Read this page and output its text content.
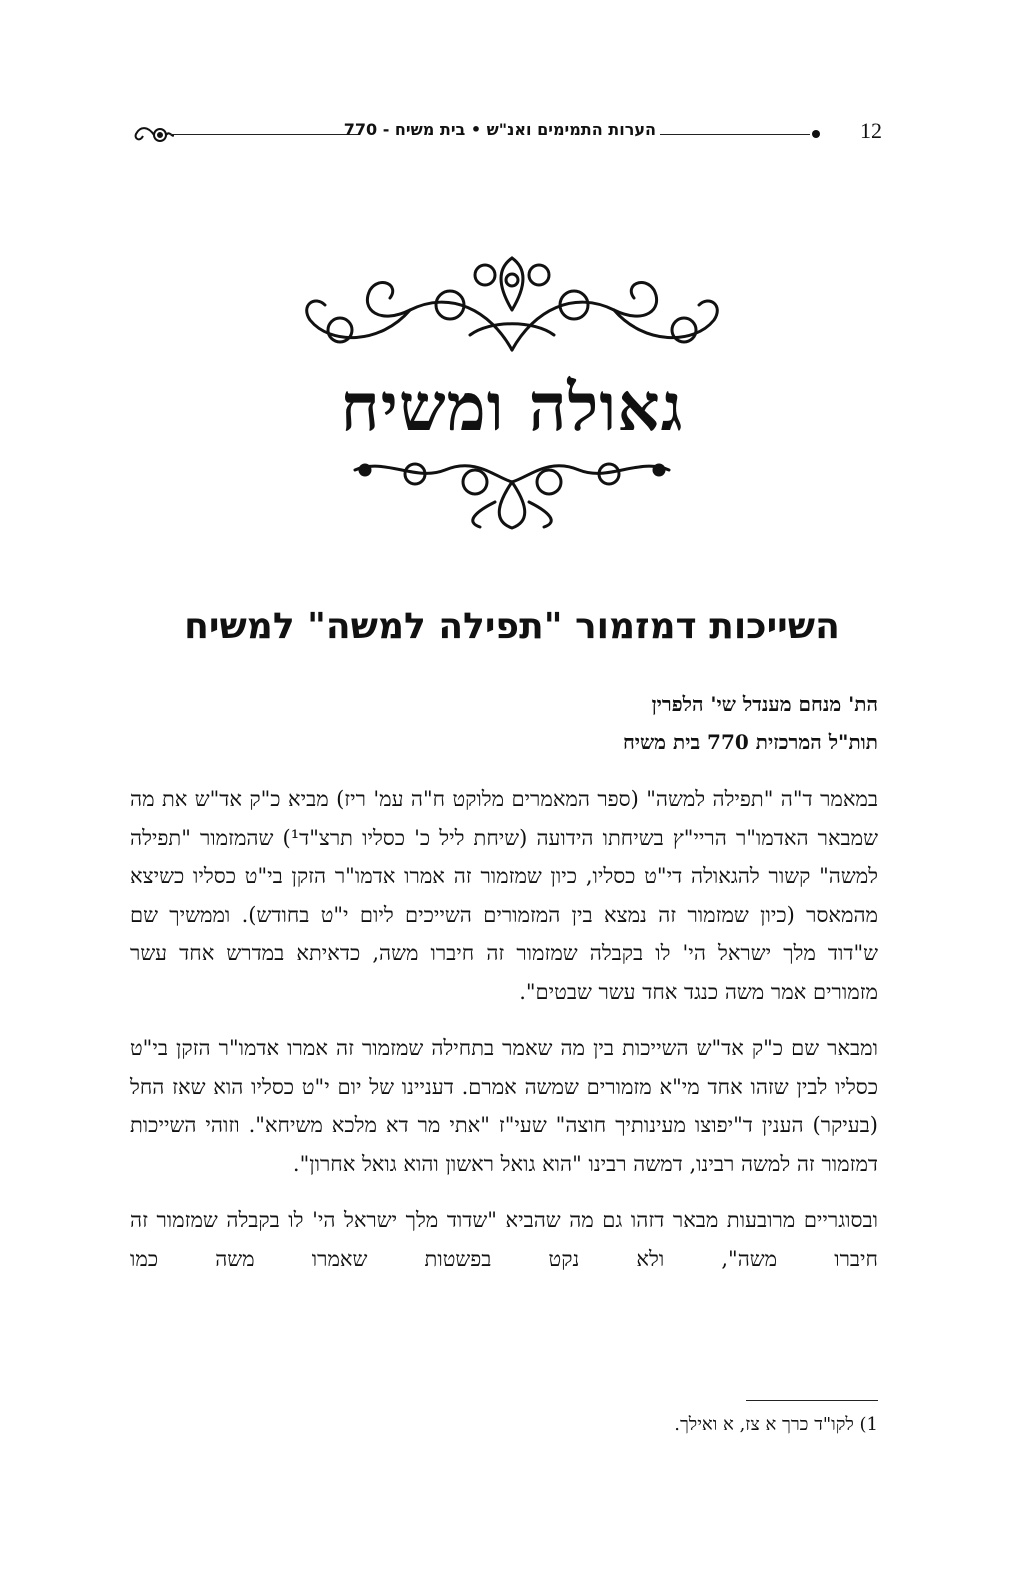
הערות התמימים ואנ"ש • בית משיח - 770	12
גאולה ומשיח
השייכות דמזמור "תפילה למשה" למשיח
הת' מנחם מענדל שי' הלפרין
תות"ל המרכזית 770 בית משיח

במאמר ד"ה "תפילה למשה" (ספר המאמרים מלוקט ח"ה עמ' ריז) מביא כ"ק אד"ש את מה שמבאר האדמו"ר הריי"ץ בשיחתו הידועה (שיחת ליל כ' כסליו תרצ"ד¹) שהמזמור "תפילה למשה" קשור להגאולה די"ט כסליו, כיון שמזמור זה אמרו אדמו"ר הזקן בי"ט כסליו כשיצא מהמאסר (כיון שמזמור זה נמצא בין המזמורים השייכים ליום י"ט בחודש). וממשיך שם ש"דוד מלך ישראל הי' לו בקבלה שמזמור זה חיברו משה, כדאיתא במדרש אחד עשר מזמורים אמר משה כנגד אחד עשר שבטים".

ומבאר שם כ"ק אד"ש השייכות בין מה שאמר בתחילה שמזמור זה אמרו אדמו"ר הזקן בי"ט כסליו לבין שזהו אחד מי"א מזמורים שמשה אמרם. דעניינו של יום י"ט כסליו הוא שאז החל (בעיקר) הענין ד"יפוצו מעינותיך חוצה" שעי"ז "אתי מר דא מלכא משיחא". וזוהי השייכות דמזמור זה למשה רבינו, דמשה רבינו "הוא גואל ראשון והוא גואל אחרון".

ובסוגריים מרובעות מבאר דזהו גם מה שהביא "שדוד מלך ישראל הי' לו בקבלה שמזמור זה חיברו משה", ולא נקט בפשטות שאמרו משה כמו

1) לקו"ד כרך א צז, א ואילך.
